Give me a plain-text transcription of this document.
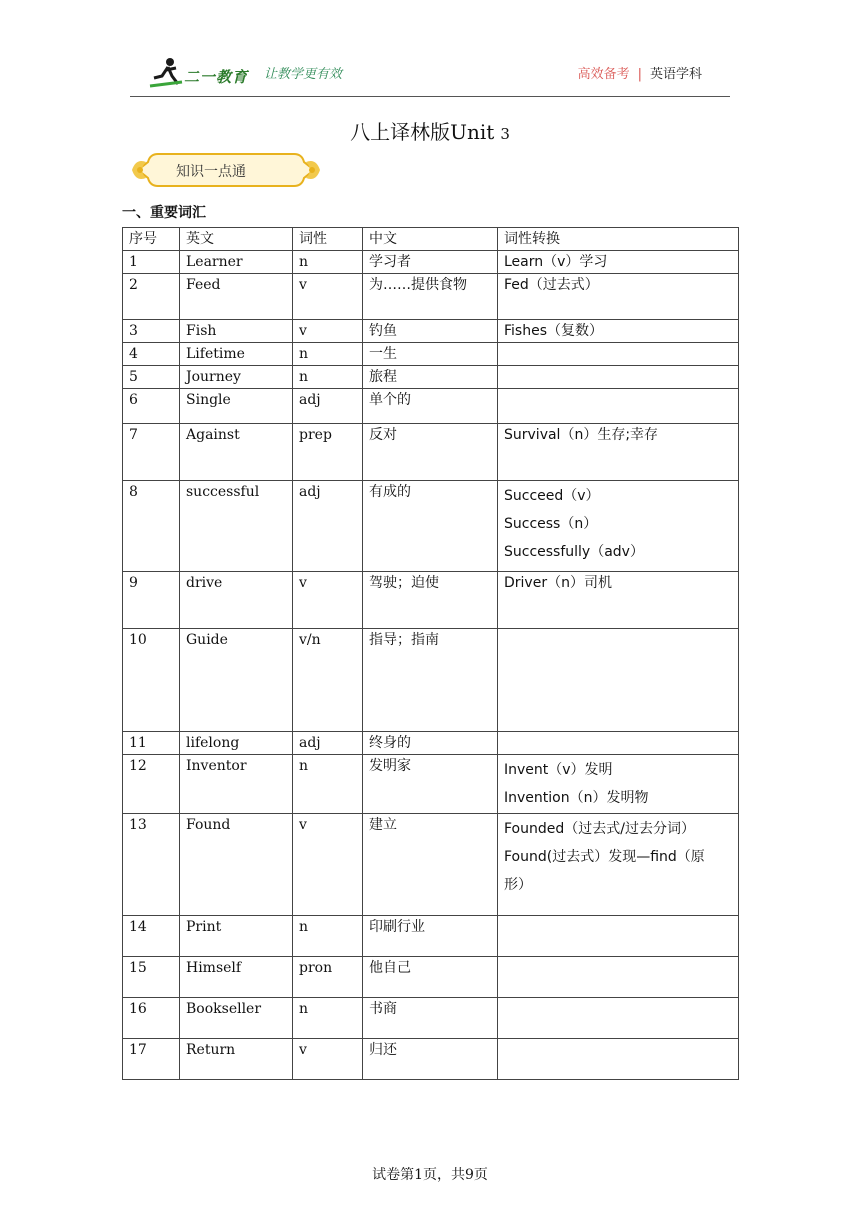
二一教育 让教学更有效	高效备考 | 英语学科
八上译林版Unit 3
知识一点通
一、重要词汇
序号	英文	词性	中文	词性转换
1	Learner	n	学习者	Learn（v）学习

2	Feed	v	为……提供食物	Fed（过去式）

3	Fish	v	钓鱼	Fishes（复数）

4	Lifetime	n	一生	

5	Journey	n	旅程	

6	Single	adj	单个的	

7	Against	prep	反对	Survival（n）生存;幸存

8	successful	adj	有成的	Succeed（v）
Success（n）
Successfully（adv）

9	drive	v	驾驶；迫使	Driver（n）司机

10	Guide	v/n	指导；指南	

11	lifelong	adj	终身的	

12	Inventor	n	发明家	Invent（v）发明
Invention（n）发明物

13	Found	v	建立	Founded（过去式/过去分词）
Found(过去式）发现—find（原
形）

14	Print	n	印刷行业	

15	Himself	pron	他自己	

16	Bookseller	n	书商	

17	Return	v	归还	
试卷第1页，共9页
